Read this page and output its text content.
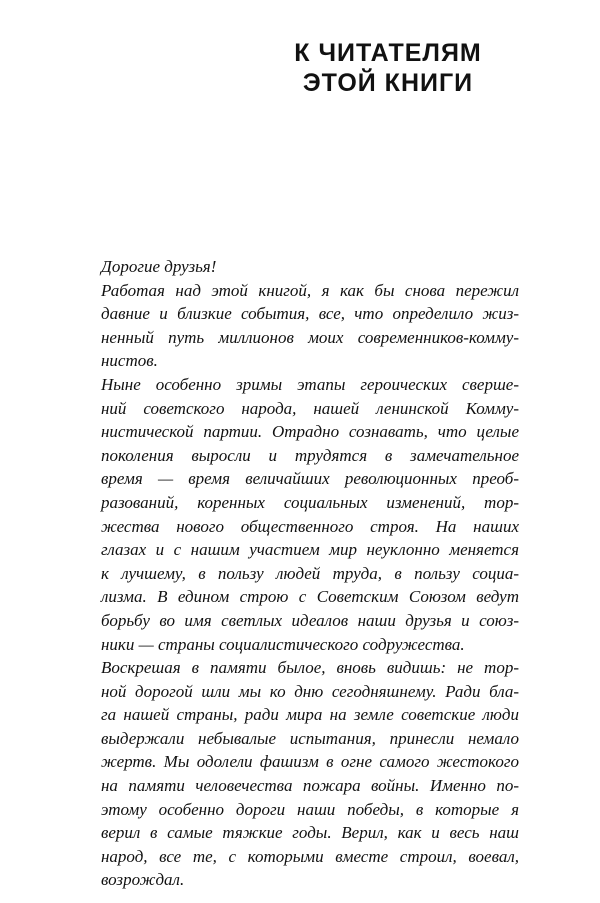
К ЧИТАТЕЛЯМ
ЭТОЙ КНИГИ
Дорогие друзья!
Работая над этой книгой, я как бы снова пережил
давние и близкие события, все, что определило жиз-
ненный путь миллионов моих современников-комму-
нистов.
Ныне особенно зримы этапы героических сверше-
ний советского народа, нашей ленинской Комму-
нистической партии. Отрадно сознавать, что целые
поколения выросли и трудятся в замечательное
время — время величайших революционных преоб-
разований, коренных социальных изменений, тор-
жества нового общественного строя. На наших
глазах и с нашим участием мир неуклонно меняется
к лучшему, в пользу людей труда, в пользу социа-
лизма. В едином строю с Советским Союзом ведут
борьбу во имя светлых идеалов наши друзья и союз-
ники — страны социалистического содружества.
Воскрешая в памяти былое, вновь видишь: не тор-
ной дорогой шли мы ко дню сегодняшнему. Ради бла-
га нашей страны, ради мира на земле советские люди
выдержали небывалые испытания, принесли немало
жертв. Мы одолели фашизм в огне самого жестокого
на памяти человечества пожара войны. Именно по-
этому особенно дороги наши победы, в которые я
верил в самые тяжкие годы. Верил, как и весь наш
народ, все те, с которыми вместе строил, воевал,
возрождал.
